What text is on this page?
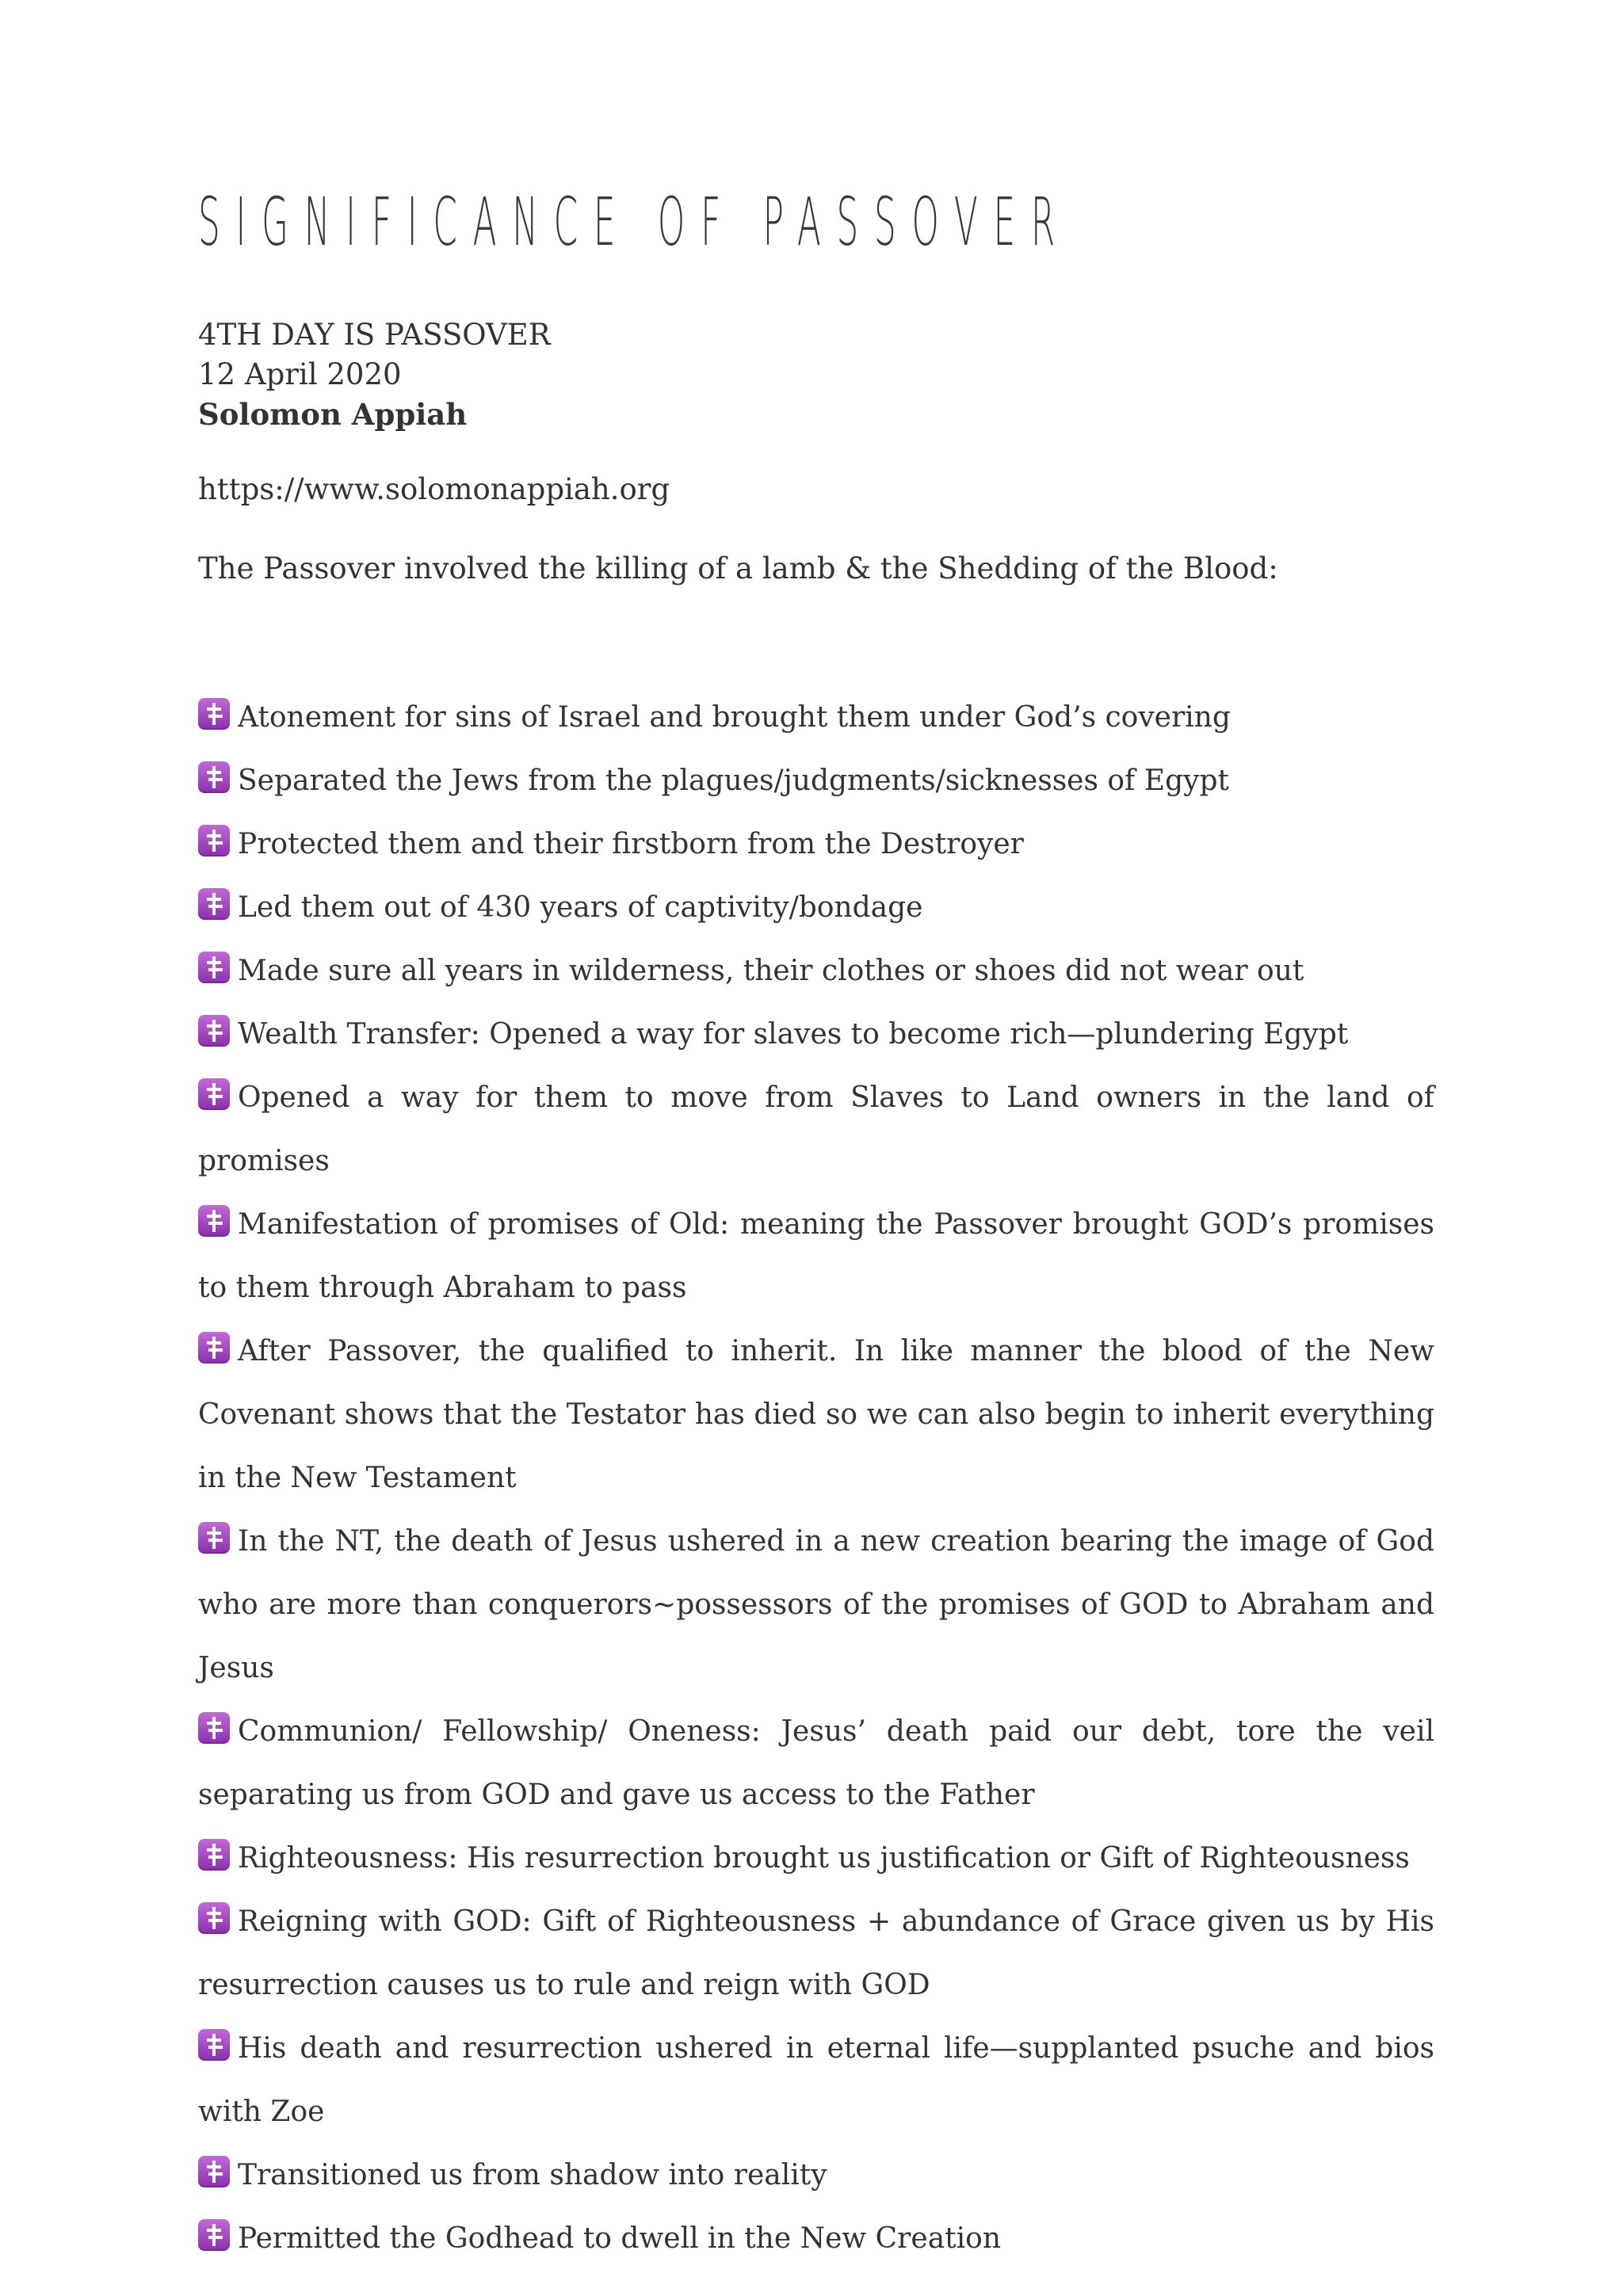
SIGNIFICANCE OF PASSOVER
4TH DAY IS PASSOVER
12 April 2020
Solomon Appiah
https://www.solomonappiah.org
The Passover involved the killing of a lamb & the Shedding of the Blood:
Atonement for sins of Israel and brought them under God’s covering
Separated the Jews from the plagues/judgments/sicknesses of Egypt
Protected them and their firstborn from the Destroyer
Led them out of 430 years of captivity/bondage
Made sure all years in wilderness, their clothes or shoes did not wear out
Wealth Transfer: Opened a way for slaves to become rich—plundering Egypt
Opened a way for them to move from Slaves to Land owners in the land of promises
Manifestation of promises of Old: meaning the Passover brought GOD’s promises to them through Abraham to pass
After Passover, the qualified to inherit. In like manner the blood of the New Covenant shows that the Testator has died so we can also begin to inherit everything in the New Testament
In the NT, the death of Jesus ushered in a new creation bearing the image of God who are more than conquerors~possessors of the promises of GOD to Abraham and Jesus
Communion/ Fellowship/ Oneness: Jesus’ death paid our debt, tore the veil separating us from GOD and gave us access to the Father
Righteousness: His resurrection brought us justification or Gift of Righteousness
Reigning with GOD: Gift of Righteousness + abundance of Grace given us by His resurrection causes us to rule and reign with GOD
His death and resurrection ushered in eternal life—supplanted psuche and bios with Zoe
Transitioned us from shadow into reality
Permitted the Godhead to dwell in the New Creation
